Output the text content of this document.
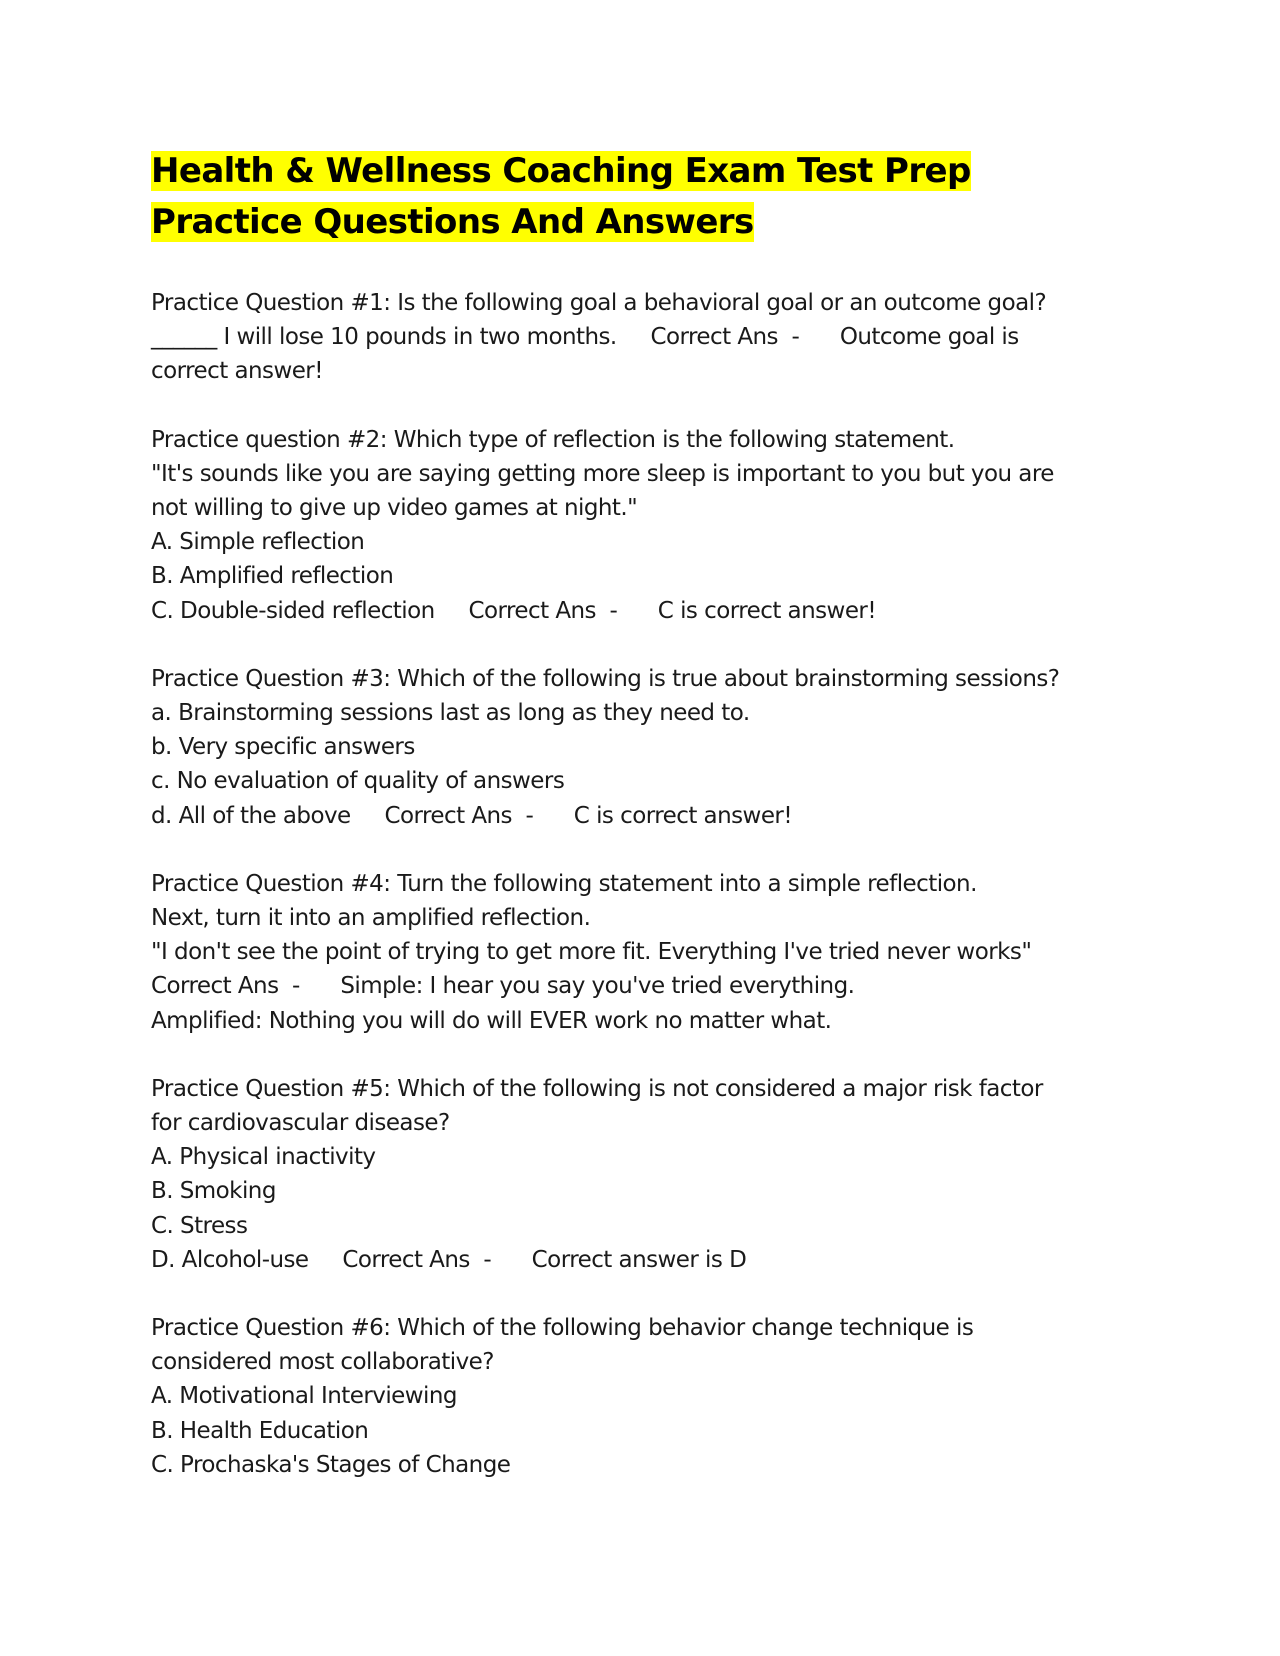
Health & Wellness Coaching Exam Test Prep
Practice Questions And Answers
Practice Question #1: Is the following goal a behavioral goal or an outcome goal?
______ I will lose 10 pounds in two months.     Correct Ans  -      Outcome goal is
correct answer!
Practice question #2: Which type of reflection is the following statement.
"It's sounds like you are saying getting more sleep is important to you but you are
not willing to give up video games at night."
A. Simple reflection
B. Amplified reflection
C. Double-sided reflection     Correct Ans  -      C is correct answer!
Practice Question #3: Which of the following is true about brainstorming sessions?
a. Brainstorming sessions last as long as they need to.
b. Very specific answers
c. No evaluation of quality of answers
d. All of the above     Correct Ans  -      C is correct answer!
Practice Question #4: Turn the following statement into a simple reflection.
Next, turn it into an amplified reflection.
"I don't see the point of trying to get more fit. Everything I've tried never works"
Correct Ans  -      Simple: I hear you say you've tried everything.
Amplified: Nothing you will do will EVER work no matter what.
Practice Question #5: Which of the following is not considered a major risk factor
for cardiovascular disease?
A. Physical inactivity
B. Smoking
C. Stress
D. Alcohol-use     Correct Ans  -      Correct answer is D
Practice Question #6: Which of the following behavior change technique is
considered most collaborative?
A. Motivational Interviewing
B. Health Education
C. Prochaska's Stages of Change
